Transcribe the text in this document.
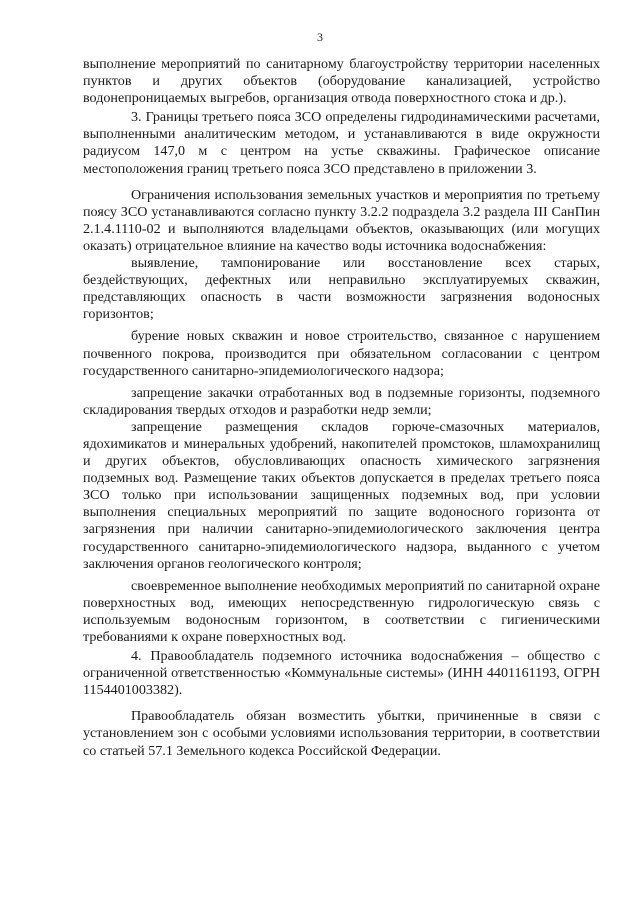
3

выполнение мероприятий по санитарному благоустройству территории населенных пунктов и других объектов (оборудование канализацией, устройство водонепроницаемых выгребов, организация отвода поверхностного стока и др.).

3. Границы третьего пояса ЗСО определены гидродинамическими расчетами, выполненными аналитическим методом, и устанавливаются в виде окружности радиусом 147,0 м с центром на устье скважины. Графическое описание местоположения границ третьего пояса ЗСО представлено в приложении 3.

Ограничения использования земельных участков и мероприятия по третьему поясу ЗСО устанавливаются согласно пункту 3.2.2 подраздела 3.2 раздела III СанПин 2.1.4.1110-02 и выполняются владельцами объектов, оказывающих (или могущих оказать) отрицательное влияние на качество воды источника водоснабжения:

выявление, тампонирование или восстановление всех старых, бездействующих, дефектных или неправильно эксплуатируемых скважин, представляющих опасность в части возможности загрязнения водоносных горизонтов;

бурение новых скважин и новое строительство, связанное с нарушением почвенного покрова, производится при обязательном согласовании с центром государственного санитарно-эпидемиологического надзора;

запрещение закачки отработанных вод в подземные горизонты, подземного складирования твердых отходов и разработки недр земли;

запрещение размещения складов горюче-смазочных материалов, ядохимикатов и минеральных удобрений, накопителей промстоков, шламохранилищ и других объектов, обусловливающих опасность химического загрязнения подземных вод. Размещение таких объектов допускается в пределах третьего пояса ЗСО только при использовании защищенных подземных вод, при условии выполнения специальных мероприятий по защите водоносного горизонта от загрязнения при наличии санитарно-эпидемиологического заключения центра государственного санитарно-эпидемиологического надзора, выданного с учетом заключения органов геологического контроля;

своевременное выполнение необходимых мероприятий по санитарной охране поверхностных вод, имеющих непосредственную гидрологическую связь с используемым водоносным горизонтом, в соответствии с гигиеническими требованиями к охране поверхностных вод.

4. Правообладатель подземного источника водоснабжения – общество с ограниченной ответственностью «Коммунальные системы» (ИНН 4401161193, ОГРН 1154401003382).

Правообладатель обязан возместить убытки, причиненные в связи с установлением зон с особыми условиями использования территории, в соответствии со статьей 57.1 Земельного кодекса Российской Федерации.
